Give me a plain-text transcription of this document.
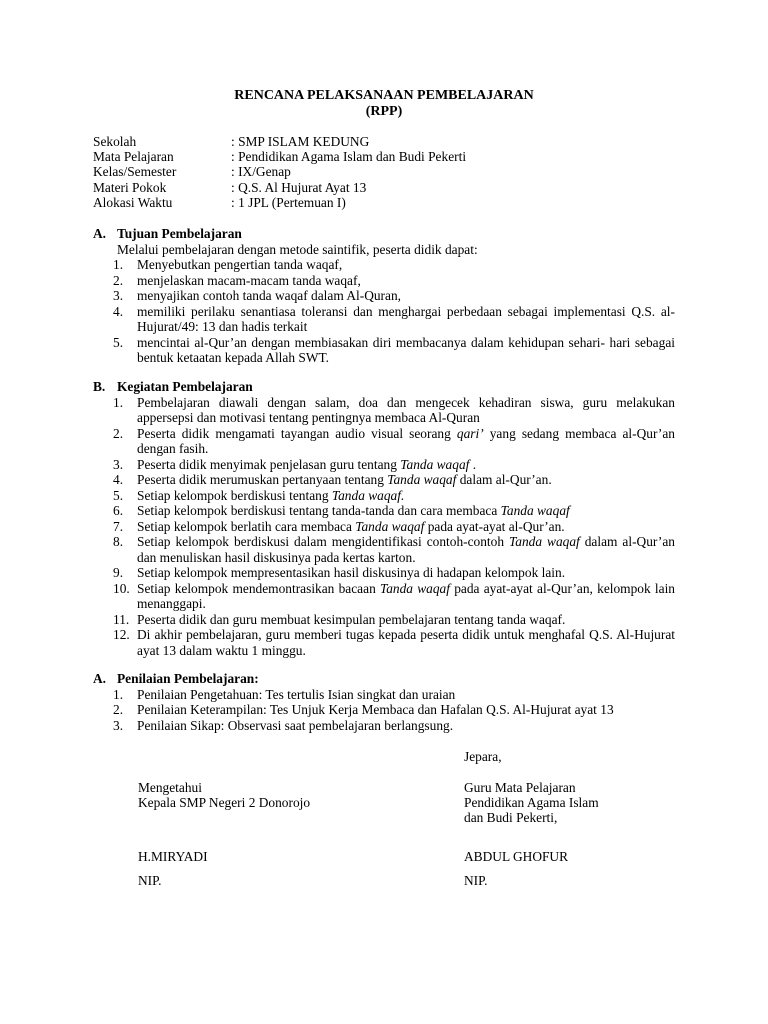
RENCANA PELAKSANAAN PEMBELAJARAN
(RPP)
Sekolah	: SMP ISLAM KEDUNG
Mata Pelajaran	: Pendidikan Agama Islam dan Budi Pekerti
Kelas/Semester	: IX/Genap
Materi Pokok	: Q.S. Al Hujurat Ayat 13
Alokasi Waktu	: 1 JPL (Pertemuan I)
A. Tujuan Pembelajaran
Melalui pembelajaran dengan metode saintifik, peserta didik dapat:
1. Menyebutkan pengertian tanda waqaf,
2. menjelaskan macam-macam tanda waqaf,
3. menyajikan contoh tanda waqaf dalam Al-Quran,
4. memiliki perilaku senantiasa toleransi dan menghargai perbedaan sebagai implementasi Q.S. al-Hujurat/49: 13 dan hadis terkait
5. mencintai al-Qur’an dengan membiasakan diri membacanya dalam kehidupan sehari- hari sebagai bentuk ketaatan kepada Allah SWT.
B. Kegiatan Pembelajaran
1. Pembelajaran diawali dengan salam, doa dan mengecek kehadiran siswa, guru melakukan appersepsi dan motivasi tentang pentingnya membaca Al-Quran
2. Peserta didik mengamati tayangan audio visual seorang qari’ yang sedang membaca al-Qur’an dengan fasih.
3. Peserta didik menyimak penjelasan guru tentang Tanda waqaf .
4. Peserta didik merumuskan pertanyaan tentang Tanda waqaf dalam al-Qur’an.
5. Setiap kelompok berdiskusi tentang Tanda waqaf.
6. Setiap kelompok berdiskusi tentang tanda-tanda dan cara membaca Tanda waqaf
7. Setiap kelompok berlatih cara membaca Tanda waqaf pada ayat-ayat al-Qur’an.
8. Setiap kelompok berdiskusi dalam mengidentifikasi contoh-contoh Tanda waqaf dalam al-Qur’an dan menuliskan hasil diskusinya pada kertas karton.
9. Setiap kelompok mempresentasikan hasil diskusinya di hadapan kelompok lain.
10. Setiap kelompok mendemontrasikan bacaan Tanda waqaf pada ayat-ayat al-Qur’an, kelompok lain menanggapi.
11. Peserta didik dan guru membuat kesimpulan pembelajaran tentang tanda waqaf.
12. Di akhir pembelajaran, guru memberi tugas kepada peserta didik untuk menghafal Q.S. Al-Hujurat ayat 13 dalam waktu 1 minggu.
A. Penilaian Pembelajaran:
1. Penilaian Pengetahuan: Tes tertulis Isian singkat dan uraian
2. Penilaian Keterampilan: Tes Unjuk Kerja Membaca dan Hafalan Q.S. Al-Hujurat ayat 13
3. Penilaian Sikap: Observasi saat pembelajaran berlangsung.
Jepara,
Mengetahui
Kepala SMP Negeri 2 Donorojo
Guru Mata Pelajaran
Pendidikan Agama Islam
dan Budi Pekerti,
H.MIRYADI	ABDUL GHOFUR
NIP.	NIP.
